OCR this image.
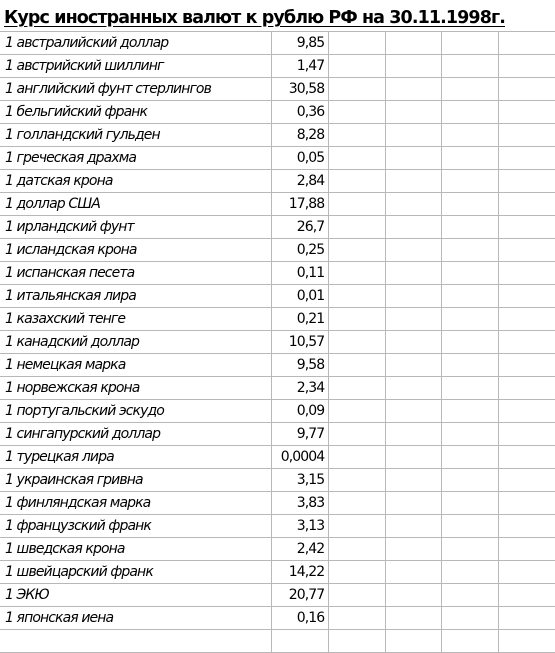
Курс иностранных валют к рублю РФ на 30.11.1998г.
1 австралийский доллар	9,85				
1 австрийский шиллинг	1,47				
1 английский фунт стерлингов	30,58				
1 бельгийский франк	0,36				
1 голландский гульден	8,28				
1 греческая драхма	0,05				
1 датская крона	2,84				
1 доллар США	17,88				
1 ирландский фунт	26,7				
1 исландская крона	0,25				
1 испанская песета	0,11				
1 итальянская лира	0,01				
1 казахский тенге	0,21				
1 канадский доллар	10,57				
1 немецкая марка	9,58				
1 норвежская крона	2,34				
1 португальский эскудо	0,09				
1 сингапурский доллар	9,77				
1 турецкая лира	0,0004				
1 украинская гривна	3,15				
1 финляндская марка	3,83				
1 французский франк	3,13				
1 шведская крона	2,42				
1 швейцарский франк	14,22				
1 ЭКЮ	20,77				
1 японская иена	0,16				
